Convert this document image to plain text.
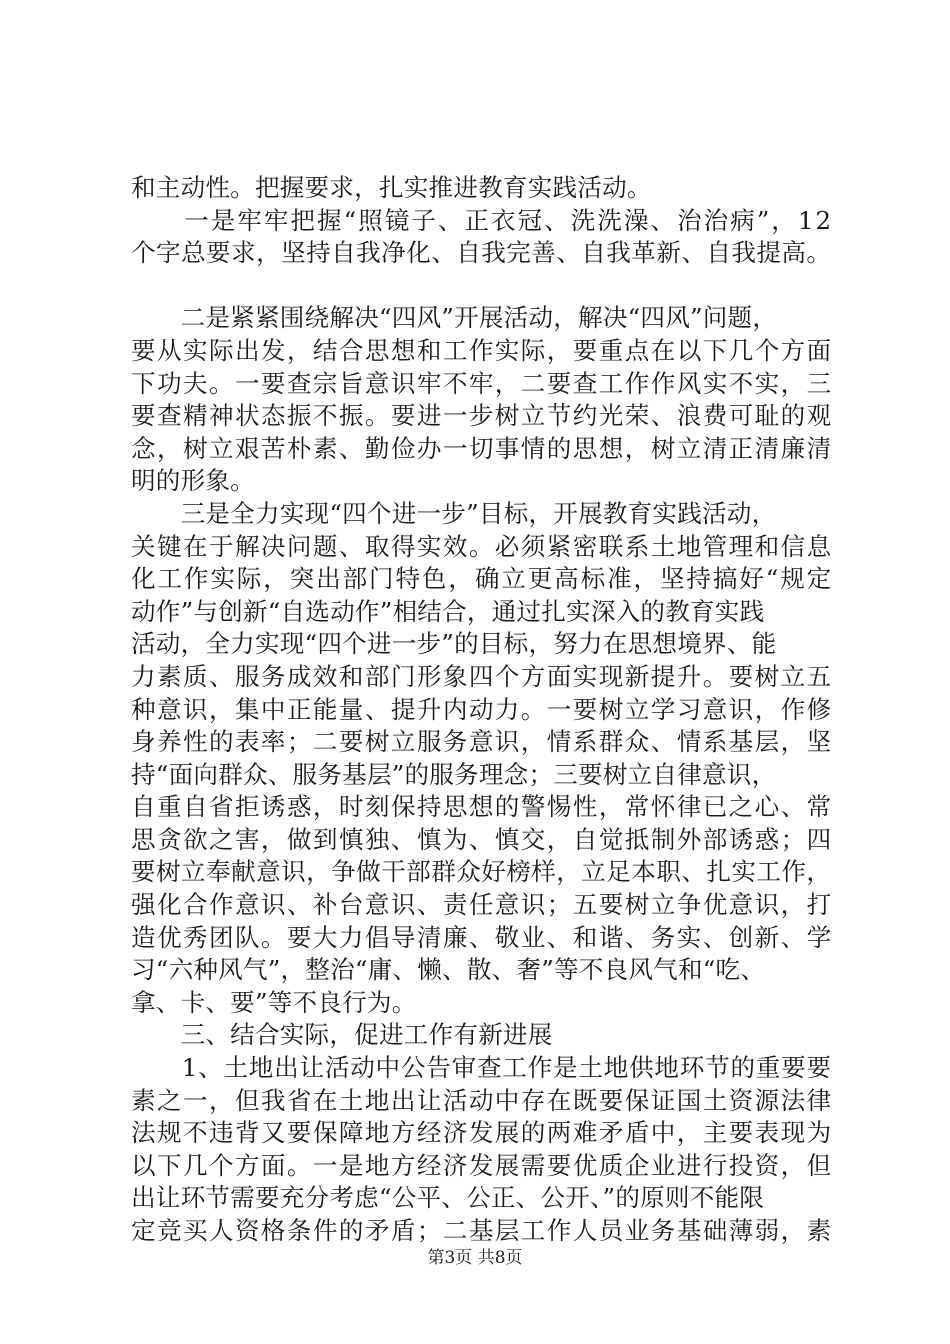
和主动性。把握要求，扎实推进教育实践活动。
　　一是牢牢把握“照镜子、正衣冠、洗洗澡、治治病”，12
个字总要求，坚持自我净化、自我完善、自我革新、自我提高。
　　二是紧紧围绕解决“四风”开展活动，解决“四风”问题，
要从实际出发，结合思想和工作实际，要重点在以下几个方面
下功夫。一要查宗旨意识牢不牢，二要查工作作风实不实，三
要查精神状态振不振。要进一步树立节约光荣、浪费可耻的观
念，树立艰苦朴素、勤俭办一切事情的思想，树立清正清廉清
明的形象。
　　三是全力实现“四个进一步”目标，开展教育实践活动，
关键在于解决问题、取得实效。必须紧密联系土地管理和信息
化工作实际，突出部门特色，确立更高标准，坚持搞好“规定
动作”与创新“自选动作”相结合，通过扎实深入的教育实践
活动，全力实现“四个进一步”的目标，努力在思想境界、能
力素质、服务成效和部门形象四个方面实现新提升。要树立五
种意识，集中正能量、提升内动力。一要树立学习意识，作修
身养性的表率；二要树立服务意识，情系群众、情系基层，坚
持“面向群众、服务基层”的服务理念；三要树立自律意识，
自重自省拒诱惑，时刻保持思想的警惕性，常怀律已之心、常
思贪欲之害，做到慎独、慎为、慎交，自觉抵制外部诱惑；四
要树立奉献意识，争做干部群众好榜样，立足本职、扎实工作，
强化合作意识、补台意识、责任意识；五要树立争优意识，打
造优秀团队。要大力倡导清廉、敬业、和谐、务实、创新、学
习“六种风气”，整治“庸、懒、散、奢”等不良风气和“吃、
拿、卡、要”等不良行为。
　　三、结合实际，促进工作有新进展
　　1、土地出让活动中公告审查工作是土地供地环节的重要要
素之一，但我省在土地出让活动中存在既要保证国土资源法律
法规不违背又要保障地方经济发展的两难矛盾中，主要表现为
以下几个方面。一是地方经济发展需要优质企业进行投资，但
出让环节需要充分考虑“公平、公正、公开、”的原则不能限
定竞买人资格条件的矛盾；二基层工作人员业务基础薄弱，素
第3页 共8页
